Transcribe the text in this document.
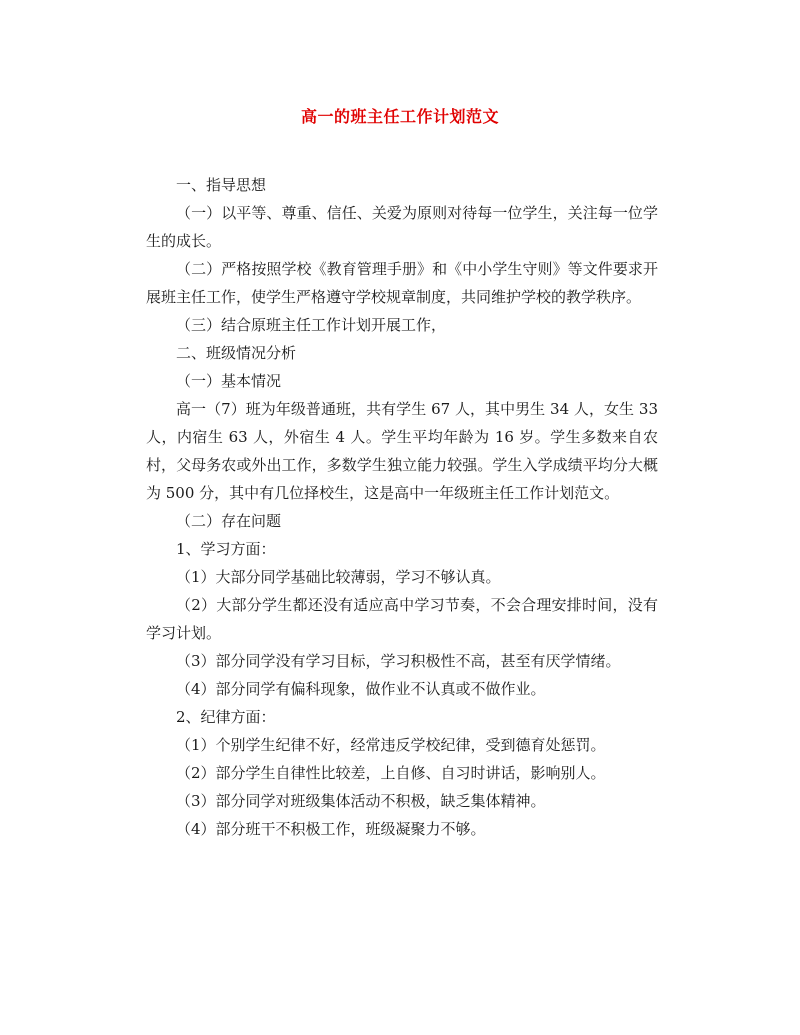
高一的班主任工作计划范文

一、指导思想

（一）以平等、尊重、信任、关爱为原则对待每一位学生，关注每一位学生的成长。

（二）严格按照学校《教育管理手册》和《中小学生守则》等文件要求开展班主任工作，使学生严格遵守学校规章制度，共同维护学校的教学秩序。

（三）结合原班主任工作计划开展工作，

二、班级情况分析

（一）基本情况

高一（7）班为年级普通班，共有学生 67 人，其中男生 34 人，女生 33 人，内宿生 63 人，外宿生 4 人。学生平均年龄为 16 岁。学生多数来自农村，父母务农或外出工作，多数学生独立能力较强。学生入学成绩平均分大概为 500 分，其中有几位择校生，这是高中一年级班主任工作计划范文。

（二）存在问题

1、学习方面：

（1）大部分同学基础比较薄弱，学习不够认真。

（2）大部分学生都还没有适应高中学习节奏，不会合理安排时间，没有学习计划。

（3）部分同学没有学习目标，学习积极性不高，甚至有厌学情绪。

（4）部分同学有偏科现象，做作业不认真或不做作业。

2、纪律方面：

（1）个别学生纪律不好，经常违反学校纪律，受到德育处惩罚。

（2）部分学生自律性比较差，上自修、自习时讲话，影响别人。

（3）部分同学对班级集体活动不积极，缺乏集体精神。

（4）部分班干不积极工作，班级凝聚力不够。
